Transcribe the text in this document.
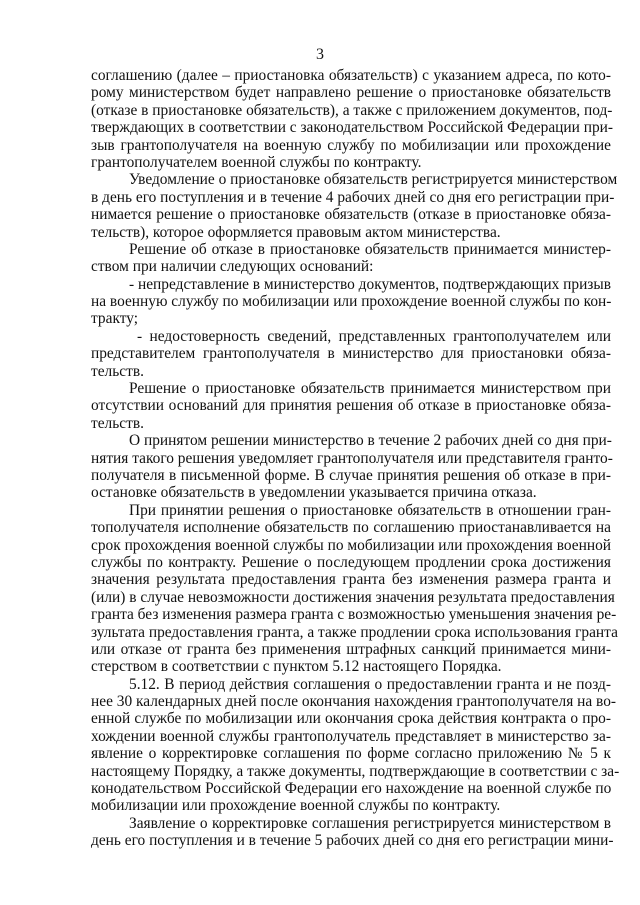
3
соглашению (далее – приостановка обязательств) с указанием адреса, по кото-
рому министерством будет направлено решение о приостановке обязательств
(отказе в приостановке обязательств), а также с приложением документов, под-
тверждающих в соответствии с законодательством Российской Федерации при-
зыв грантополучателя на военную службу по мобилизации или прохождение
грантополучателем военной службы по контракту.
Уведомление о приостановке обязательств регистрируется министерством
в день его поступления и в течение 4 рабочих дней со дня его регистрации при-
нимается решение о приостановке обязательств (отказе в приостановке обяза-
тельств), которое оформляется правовым актом министерства.
Решение об отказе в приостановке обязательств принимается министер-
ством при наличии следующих оснований:
- непредставление в министерство документов, подтверждающих призыв
на военную службу по мобилизации или прохождение военной службы по кон-
тракту;
- недостоверность сведений, представленных грантополучателем или
представителем грантополучателя в министерство для приостановки обяза-
тельств.
Решение о приостановке обязательств принимается министерством при
отсутствии оснований для принятия решения об отказе в приостановке обяза-
тельств.
О принятом решении министерство в течение 2 рабочих дней со дня при-
нятия такого решения уведомляет грантополучателя или представителя гранто-
получателя в письменной форме. В случае принятия решения об отказе в при-
остановке обязательств в уведомлении указывается причина отказа.
При принятии решения о приостановке обязательств в отношении гран-
тополучателя исполнение обязательств по соглашению приостанавливается на
срок прохождения военной службы по мобилизации или прохождения военной
службы по контракту. Решение о последующем продлении срока достижения
значения результата предоставления гранта без изменения размера гранта и
(или) в случае невозможности достижения значения результата предоставления
гранта без изменения размера гранта с возможностью уменьшения значения ре-
зультата предоставления гранта, а также продлении срока использования гранта
или отказе от гранта без применения штрафных санкций принимается мини-
стерством в соответствии с пунктом 5.12 настоящего Порядка.
5.12. В период действия соглашения о предоставлении гранта и не позд-
нее 30 календарных дней после окончания нахождения грантополучателя на во-
енной службе по мобилизации или окончания срока действия контракта о про-
хождении военной службы грантополучатель представляет в министерство за-
явление о корректировке соглашения по форме согласно приложению № 5 к
настоящему Порядку, а также документы, подтверждающие в соответствии с за-
конодательством Российской Федерации его нахождение на военной службе по
мобилизации или прохождение военной службы по контракту.
Заявление о корректировке соглашения регистрируется министерством в
день его поступления и в течение 5 рабочих дней со дня его регистрации мини-
